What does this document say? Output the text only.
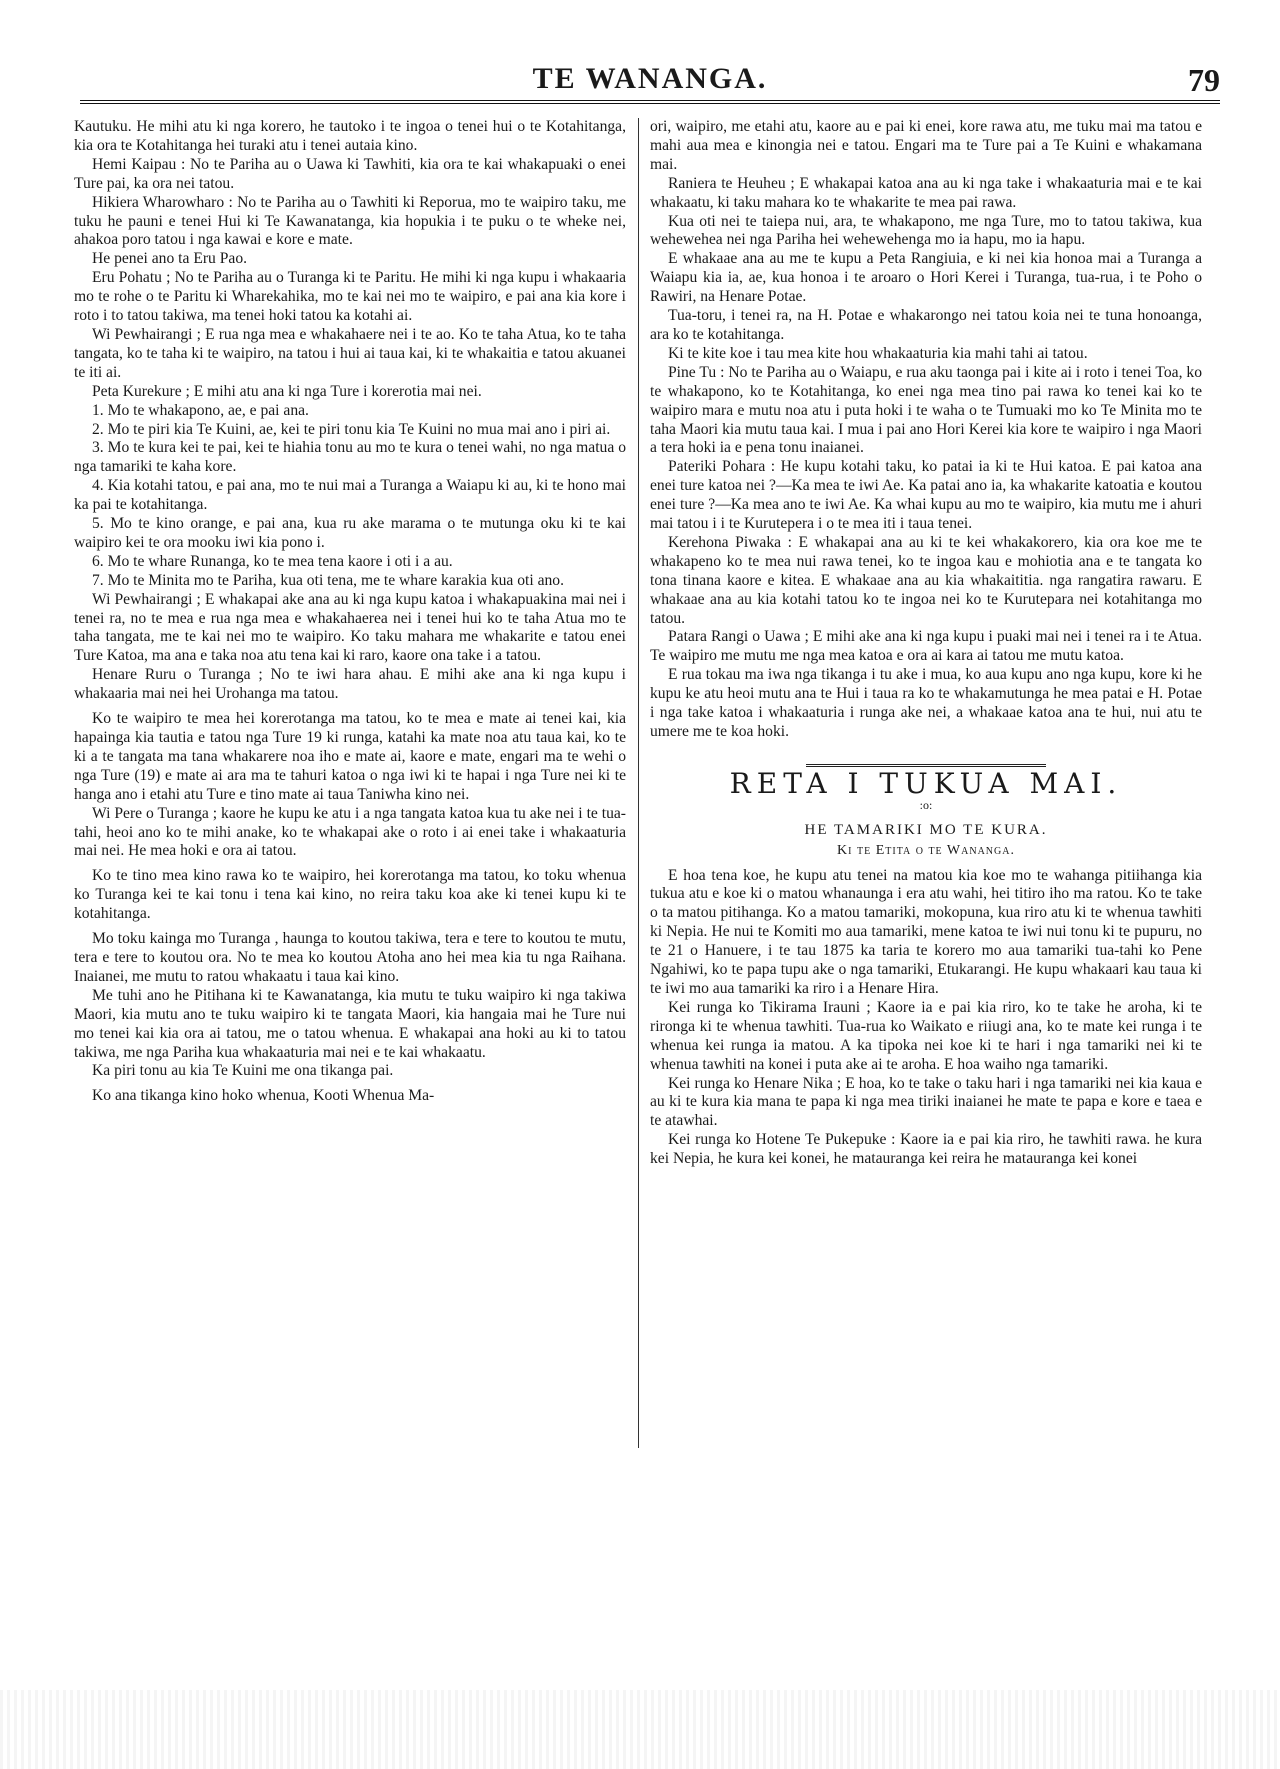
TE WANANGA.	79

Kautuku. He mihi atu ki nga korero, he tautoko i te ingoa o tenei hui o te Kotahitanga, kia ora te Kotahitanga hei turaki atu i tenei autaia kino.

Hemi Kaipau : No te Pariha au o Uawa ki Tawhiti, kia ora te kai whakapuaki o enei Ture pai, ka ora nei tatou.

Hikiera Wharowharo : No te Pariha au o Tawhiti ki Reporua, mo te waipiro taku, me tuku he pauni e tenei Hui ki Te Kawanatanga, kia hopukia i te puku o te wheke nei, ahakoa poro tatou i nga kawai e kore e mate.

He penei ano ta Eru Pao.

Eru Pohatu ; No te Pariha au o Turanga ki te Paritu. He mihi ki nga kupu i whakaaria mo te rohe o te Paritu ki Wharekahika, mo te kai nei mo te waipiro, e pai ana kia kore i roto i to tatou takiwa, ma tenei hoki tatou ka kotahi ai.

Wi Pewhairangi ; E rua nga mea e whakahaere nei i te ao. Ko te taha Atua, ko te taha tangata, ko te taha ki te waipiro, na tatou i hui ai taua kai, ki te whakaitia e tatou akuanei te iti ai.

Peta Kurekure ; E mihi atu ana ki nga Ture i korerotia mai nei.

1. Mo te whakapono, ae, e pai ana.

2. Mo te piri kia Te Kuini, ae, kei te piri tonu kia Te Kuini no mua mai ano i piri ai.

3. Mo te kura kei te pai, kei te hiahia tonu au mo te kura o tenei wahi, no nga matua o nga tamariki te kaha kore.

4. Kia kotahi tatou, e pai ana, mo te nui mai a Turanga a Waiapu ki au, ki te hono mai ka pai te kotahitanga.

5. Mo te kino orange, e pai ana, kua ru ake marama o te mutunga oku ki te kai waipiro kei te ora mooku iwi kia pono i.

6. Mo te whare Runanga, ko te mea tena kaore i oti i a au.

7. Mo te Minita mo te Pariha, kua oti tena, me te whare karakia kua oti ano.

Wi Pewhairangi ; E whakapai ake ana au ki nga kupu katoa i whakapuakina mai nei i tenei ra, no te mea e rua nga mea e whakahaerea nei i tenei hui ko te taha Atua mo te taha tangata, me te kai nei mo te waipiro. Ko taku mahara me whakarite e tatou enei Ture Katoa, ma ana e taka noa atu tena kai ki raro, kaore ona take i a tatou.

Henare Ruru o Turanga ; No te iwi hara ahau. E mihi ake ana ki nga kupu i whakaaria mai nei hei Urohanga ma tatou.

Ko te waipiro te mea hei korerotanga ma tatou, ko te mea e mate ai tenei kai, kia hapainga kia tautia e tatou nga Ture 19 ki runga, katahi ka mate noa atu taua kai, ko te ki a te tangata ma tana whakarere noa iho e mate ai, kaore e mate, engari ma te wehi o nga Ture (19) e mate ai ara ma te tahuri katoa o nga iwi ki te hapai i nga Ture nei ki te hanga ano i etahi atu Ture e tino mate ai taua Taniwha kino nei.

Wi Pere o Turanga ; kaore he kupu ke atu i a nga tangata katoa kua tu ake nei i te tua-tahi, heoi ano ko te mihi anake, ko te whakapai ake o roto i ai enei take i whakaaturia mai nei. He mea hoki e ora ai tatou.

Ko te tino mea kino rawa ko te waipiro, hei korerotanga ma tatou, ko toku whenua ko Turanga kei te kai tonu i tena kai kino, no reira taku koa ake ki tenei kupu ki te kotahitanga.

Mo toku kainga mo Turanga , haunga to koutou takiwa, tera e tere to koutou te mutu, tera e tere to koutou ora. No te mea ko koutou Atoha ano hei mea kia tu nga Raihana. Inaianei, me mutu to ratou whakaatu i taua kai kino.

Me tuhi ano he Pitihana ki te Kawanatanga, kia mutu te tuku waipiro ki nga takiwa Maori, kia mutu ano te tuku waipiro ki te tangata Maori, kia hangaia mai he Ture nui mo tenei kai kia ora ai tatou, me o tatou whenua. E whakapai ana hoki au ki to tatou takiwa, me nga Pariha kua whakaaturia mai nei e te kai whakaatu.

Ka piri tonu au kia Te Kuini me ona tikanga pai.

Ko ana tikanga kino hoko whenua, Kooti Whenua Ma-

ori, waipiro, me etahi atu, kaore au e pai ki enei, kore rawa atu, me tuku mai ma tatou e mahi aua mea e kinongia nei e tatou. Engari ma te Ture pai a Te Kuini e whakamana mai.

Raniera te Heuheu ; E whakapai katoa ana au ki nga take i whakaaturia mai e te kai whakaatu, ki taku mahara ko te whakarite te mea pai rawa.

Kua oti nei te taiepa nui, ara, te whakapono, me nga Ture, mo to tatou takiwa, kua wehewehea nei nga Pariha hei wehewehenga mo ia hapu, mo ia hapu.

E whakaae ana au me te kupu a Peta Rangiuia, e ki nei kia honoa mai a Turanga a Waiapu kia ia, ae, kua honoa i te aroaro o Hori Kerei i Turanga, tua-rua, i te Poho o Rawiri, na Henare Potae.

Tua-toru, i tenei ra, na H. Potae e whakarongo nei tatou koia nei te tuna honoanga, ara ko te kotahitanga.

Ki te kite koe i tau mea kite hou whakaaturia kia mahi tahi ai tatou.

Pine Tu : No te Pariha au o Waiapu, e rua aku taonga pai i kite ai i roto i tenei Toa, ko te whakapono, ko te Kotahitanga, ko enei nga mea tino pai rawa ko tenei kai ko te waipiro mara e mutu noa atu i puta hoki i te waha o te Tumuaki mo ko Te Minita mo te taha Maori kia mutu taua kai. I mua i pai ano Hori Kerei kia kore te waipiro i nga Maori a tera hoki ia e pena tonu inaianei.

Pateriki Pohara : He kupu kotahi taku, ko patai ia ki te Hui katoa. E pai katoa ana enei ture katoa nei ?—Ka mea te iwi Ae. Ka patai ano ia, ka whakarite katoatia e koutou enei ture ?—Ka mea ano te iwi Ae. Ka whai kupu au mo te waipiro, kia mutu me i ahuri mai tatou i i te Kurutepera i o te mea iti i taua tenei.

Kerehona Piwaka : E whakapai ana au ki te kei whakakorero, kia ora koe me te whakapeno ko te mea nui rawa tenei, ko te ingoa kau e mohiotia ana e te tangata ko tona tinana kaore e kitea. E whakaae ana au kia whakaititia. nga rangatira rawaru. E whakaae ana au kia kotahi tatou ko te ingoa nei ko te Kurutepara nei kotahitanga mo tatou.

Patara Rangi o Uawa ; E mihi ake ana ki nga kupu i puaki mai nei i tenei ra i te Atua. Te waipiro me mutu me nga mea katoa e ora ai kara ai tatou me mutu katoa.

E rua tokau ma iwa nga tikanga i tu ake i mua, ko aua kupu ano nga kupu, kore ki he kupu ke atu heoi mutu ana te Hui i taua ra ko te whakamutunga he mea patai e H. Potae i nga take katoa i whakaaturia i runga ake nei, a whakaae katoa ana te hui, nui atu te umere me te koa hoki.

RETA I TUKUA MAI.
:o:
HE TAMARIKI MO TE KURA.
Ki te Etita o te Wananga.

E hoa tena koe, he kupu atu tenei na matou kia koe mo te wahanga pitiihanga kia tukua atu e koe ki o matou whanaunga i era atu wahi, hei titiro iho ma ratou. Ko te take o ta matou pitihanga. Ko a matou tamariki, mokopuna, kua riro atu ki te whenua tawhiti ki Nepia. He nui te Komiti mo aua tamariki, mene katoa te iwi nui tonu ki te pupuru, no te 21 o Hanuere, i te tau 1875 ka taria te korero mo aua tamariki tua-tahi ko Pene Ngahiwi, ko te papa tupu ake o nga tamariki, Etukarangi. He kupu whakaari kau taua ki te iwi mo aua tamariki ka riro i a Henare Hira.

Kei runga ko Tikirama Irauni ; Kaore ia e pai kia riro, ko te take he aroha, ki te rironga ki te whenua tawhiti. Tua-rua ko Waikato e riiugi ana, ko te mate kei runga i te whenua kei runga ia matou. A ka tipoka nei koe ki te hari i nga tamariki nei ki te whenua tawhiti na konei i puta ake ai te aroha. E hoa waiho nga tamariki.

Kei runga ko Henare Nika ; E hoa, ko te take o taku hari i nga tamariki nei kia kaua e au ki te kura kia mana te papa ki nga mea tiriki inaianei he mate te papa e kore e taea e te atawhai.

Kei runga ko Hotene Te Pukepuke : Kaore ia e pai kia riro, he tawhiti rawa. he kura kei Nepia, he kura kei konei, he matauranga kei reira he matauranga kei konei
